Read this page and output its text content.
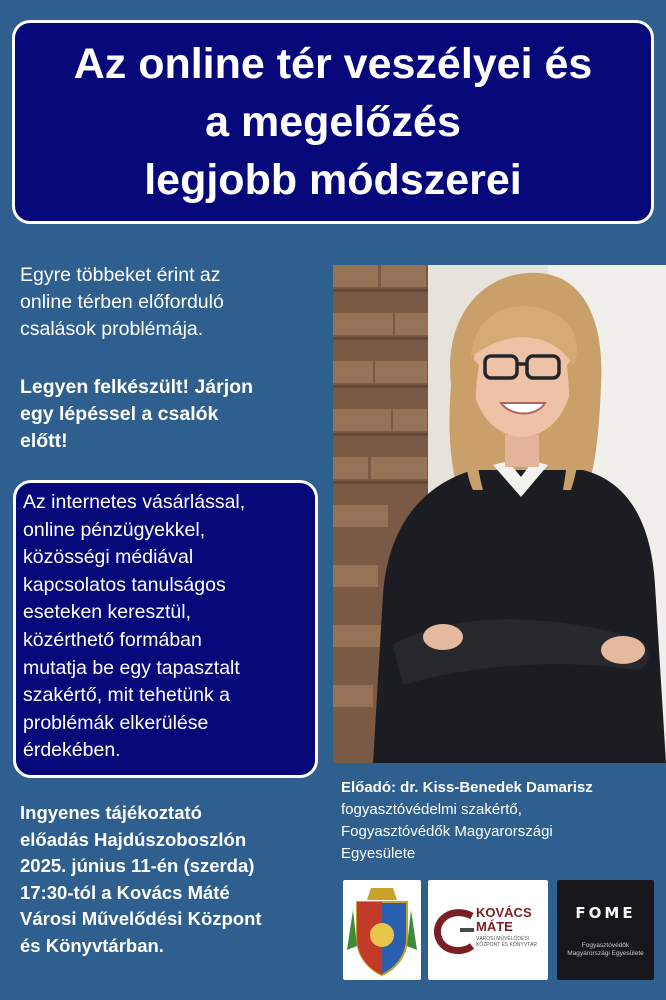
Az online tér veszélyei és
a megelőzés
legjobb módszerei
Egyre többeket érint az
online térben előforduló
csalások problémája.
Legyen felkészült! Járjon
egy lépéssel a csalók
előtt!
Az internetes vásárlással,
online pénzügyekkel,
közösségi médiával
kapcsolatos tanulságos
eseteken keresztül,
közérthető formában
mutatja be egy tapasztalt
szakértő, mit tehetünk a
problémák elkerülése
érdekében.
Ingyenes tájékoztató
előadás Hajdúszoboszlón
2025. június 11-én (szerda)
17:30-tól a Kovács Máté
Városi Művelődési Központ
és Könyvtárban.
Előadó: dr. Kiss-Benedek Damarisz
fogyasztóvédelmi szakértő,
Fogyasztóvédők Magyarországi
Egyesülete
KOVÁCS
MÁTE
VÁROSI MŰVELŐDÉSI KÖZPONT ÉS KÖNYVTÁR
FOME
Fogyasztóvédők Magyarországi Egyesülete
